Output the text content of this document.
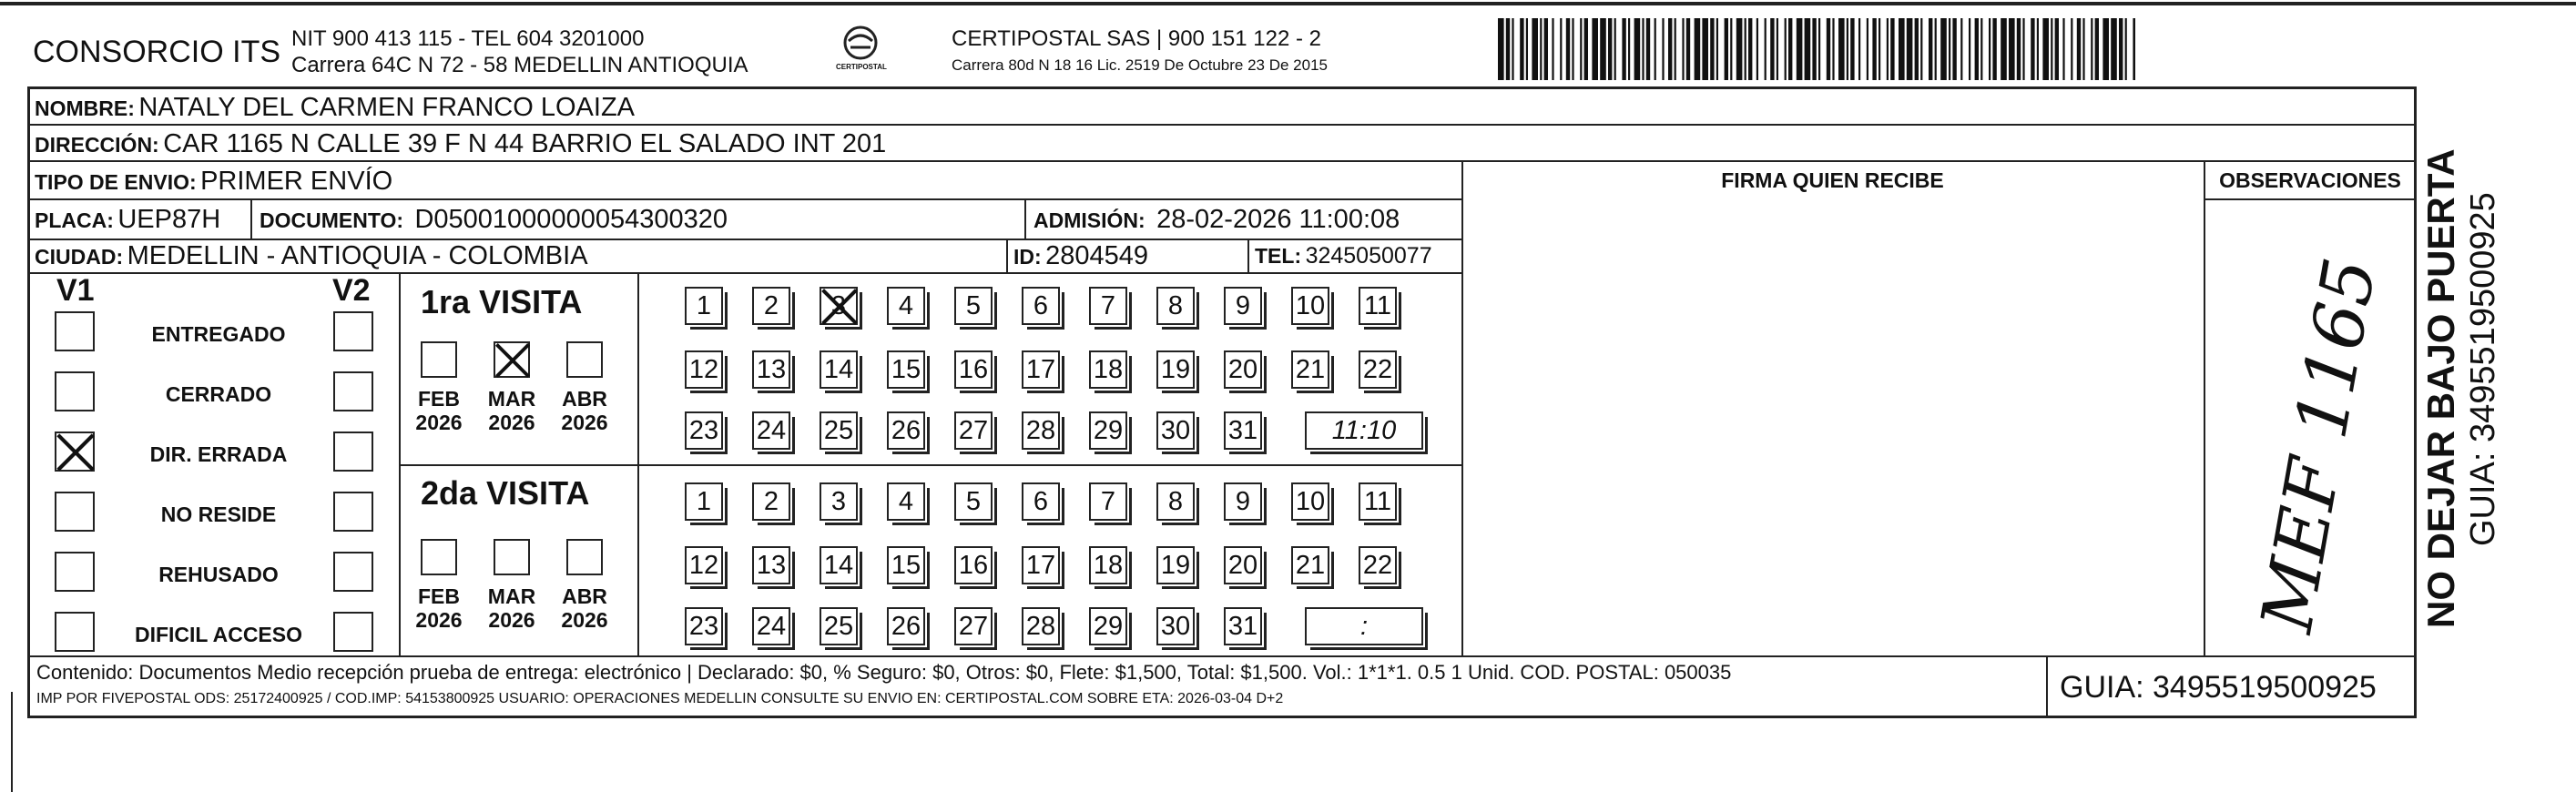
CONSORCIO ITS NIT 900 413 115 - TEL 604 3201000
Carrera 64C N 72 - 58 MEDELLIN ANTIOQUIA	CERTIPOSTAL
CERTIPOSTAL SAS | 900 151 122 - 2
Carrera 80d N 18 16 Lic. 2519 De Octubre 23 De 2015
NOMBRE: NATALY DEL CARMEN FRANCO LOAIZA
DIRECCIÓN: CAR 1165 N CALLE 39 F N 44 BARRIO EL SALADO INT 201
TIPO DE ENVIO: PRIMER ENVÍO
PLACA: UEP87H DOCUMENTO: D05001000000054300320	ADMISIÓN: 28-02-2026 11:00:08
CIUDAD: MEDELLIN - ANTIOQUIA - COLOMBIA	ID: 2804549	TEL: 3245050077
FIRMA QUIEN RECIBE	OBSERVACIONES
V1	V2
ENTREGADO
CERRADO
DIR. ERRADA
NO RESIDE
REHUSADO
DIFICIL ACCESO
1ra VISITA
FEB
2026
MAR
2026
ABR
2026
1 2 3 4 5 6 7 8 9 10 11
12 13 14 15 16 17 18 19 20 21 22
23 24 25 26 27 28 29 30 31	11:10
2da VISITA
FEB
2026
MAR
2026
ABR
2026
1 2 3 4 5 6 7 8 9 10 11
12 13 14 15 16 17 18 19 20 21 22
23 24 25 26 27 28 29 30 31	:	MEF 1165
Contenido: Documentos Medio recepción prueba de entrega: electrónico | Declarado: $0, % Seguro: $0, Otros: $0, Flete: $1,500, Total: $1,500. Vol.: 1*1*1. 0.5 1 Unid. COD. POSTAL: 050035
IMP POR FIVEPOSTAL ODS: 25172400925 / COD.IMP: 54153800925 USUARIO: OPERACIONES MEDELLIN CONSULTE SU ENVIO EN: CERTIPOSTAL.COM SOBRE ETA: 2026-03-04 D+2	GUIA: 3495519500925
NO DEJAR BAJO PUERTA GUIA: 3495519500925
